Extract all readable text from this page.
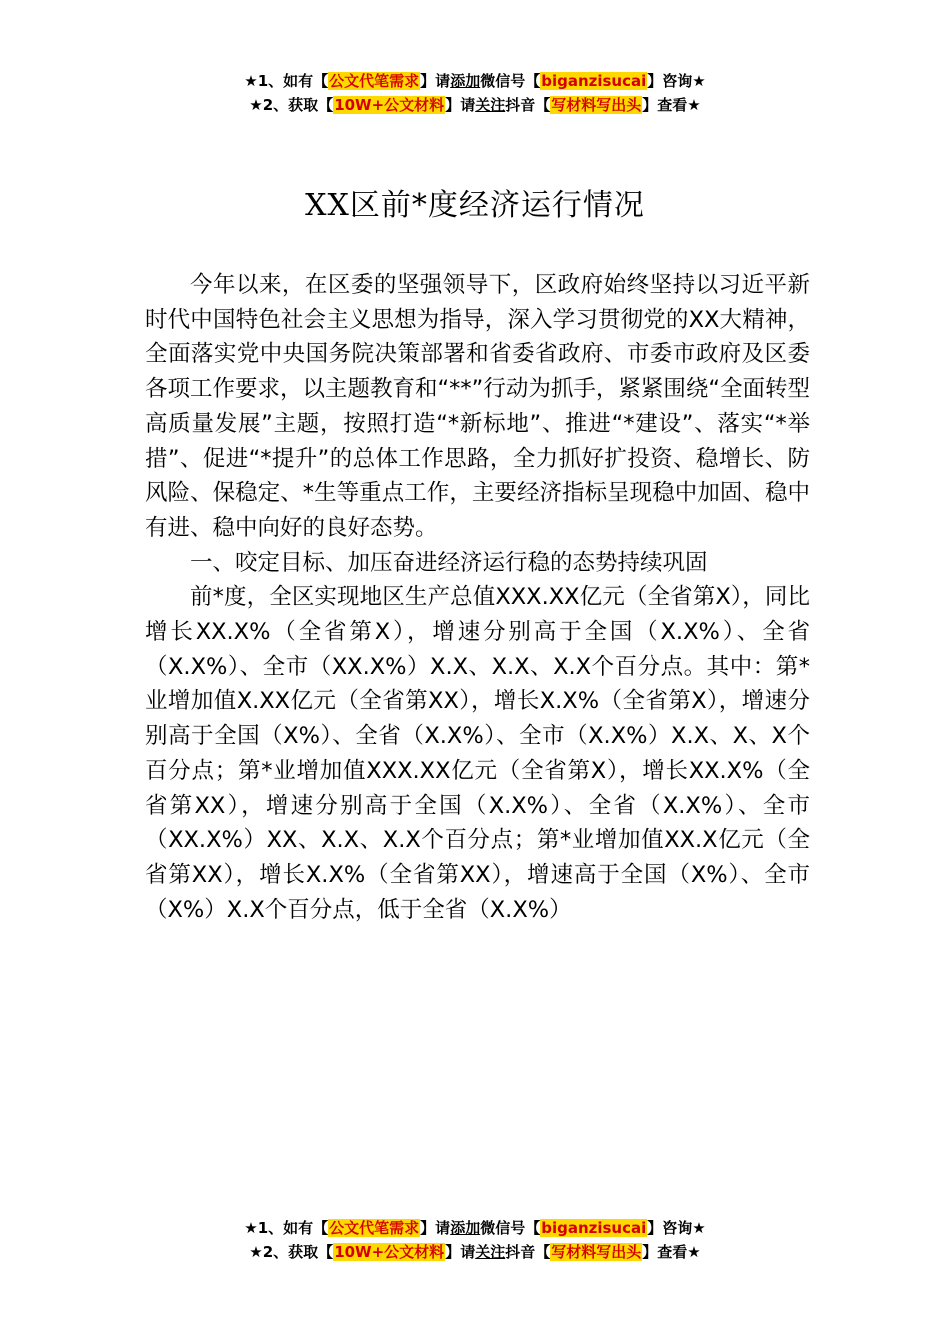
★1、如有【公文代笔需求】请添加微信号【biganzisucai】咨询★
★2、获取【10W+公文材料】请关注抖音【写材料写出头】查看★
XX区前*度经济运行情况

今年以来，在区委的坚强领导下，区政府始终坚持以习近平新时代中国特色社会主义思想为指导，深入学习贯彻党的XX大精神，全面落实党中央国务院决策部署和省委省政府、市委市政府及区委各项工作要求，以主题教育和“**”行动为抓手，紧紧围绕“全面转型高质量发展”主题，按照打造“*新标地”、推进“*建设”、落实“*举措”、促进“*提升”的总体工作思路，全力抓好扩投资、稳增长、防风险、保稳定、*生等重点工作，主要经济指标呈现稳中加固、稳中有进、稳中向好的良好态势。

一、咬定目标、加压奋进经济运行稳的态势持续巩固

前*度，全区实现地区生产总值XXX.XX亿元（全省第X），同比增长XX.X%（全省第X），增速分别高于全国（X.X%）、全省（X.X%）、全市（XX.X%）X.X、X.X、X.X个百分点。其中：第*业增加值X.XX亿元（全省第XX），增长X.X%（全省第X），增速分别高于全国（X%）、全省（X.X%）、全市（X.X%）X.X、X、X个百分点；第*业增加值XXX.XX亿元（全省第X），增长XX.X%（全省第XX），增速分别高于全国（X.X%）、全省（X.X%）、全市（XX.X%）XX、X.X、X.X个百分点；第*业增加值XX.X亿元（全省第XX），增长X.X%（全省第XX），增速高于全国（X%）、全市（X%）X.X个百分点，低于全省（X.X%）

★1、如有【公文代笔需求】请添加微信号【biganzisucai】咨询★
★2、获取【10W+公文材料】请关注抖音【写材料写出头】查看★
